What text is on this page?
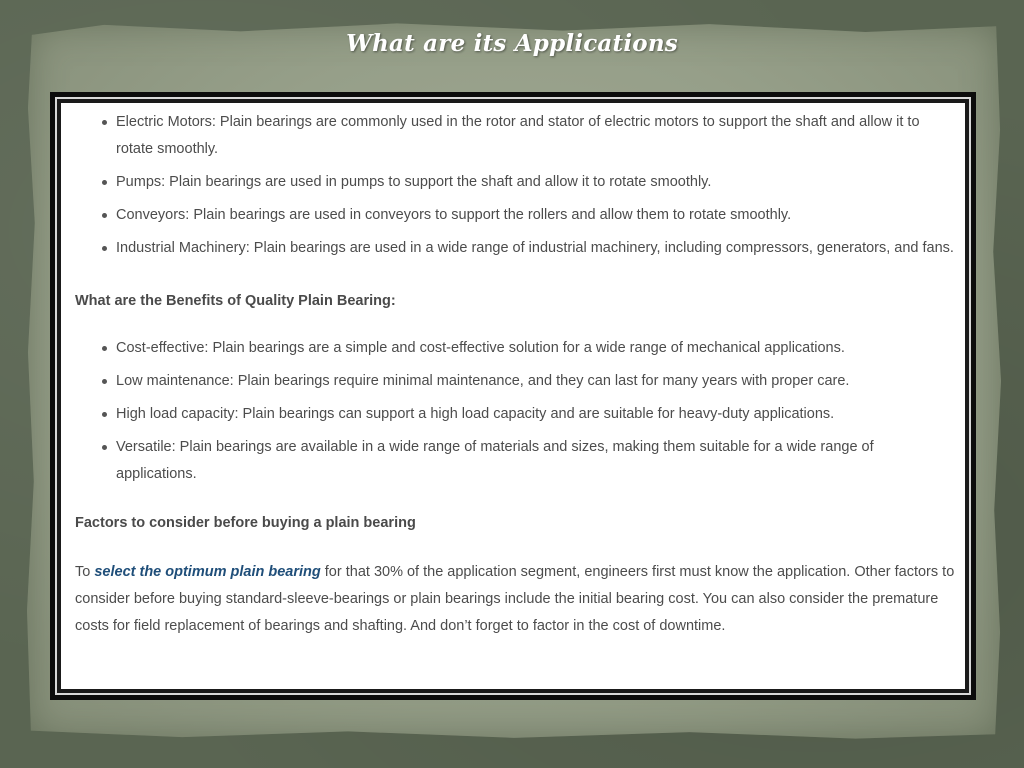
What are its Applications
Electric Motors: Plain bearings are commonly used in the rotor and stator of electric motors to support the shaft and allow it to rotate smoothly.
Pumps: Plain bearings are used in pumps to support the shaft and allow it to rotate smoothly.
Conveyors: Plain bearings are used in conveyors to support the rollers and allow them to rotate smoothly.
Industrial Machinery: Plain bearings are used in a wide range of industrial machinery, including compressors, generators, and fans.

What are the Benefits of Quality Plain Bearing:

Cost-effective: Plain bearings are a simple and cost-effective solution for a wide range of mechanical applications.
Low maintenance: Plain bearings require minimal maintenance, and they can last for many years with proper care.
High load capacity: Plain bearings can support a high load capacity and are suitable for heavy-duty applications.
Versatile: Plain bearings are available in a wide range of materials and sizes, making them suitable for a wide range of applications.

Factors to consider before buying a plain bearing

To select the optimum plain bearing for that 30% of the application segment, engineers first must know the application. Other factors to consider before buying standard-sleeve-bearings or plain bearings include the initial bearing cost. You can also consider the premature costs for field replacement of bearings and shafting. And don’t forget to factor in the cost of downtime.
